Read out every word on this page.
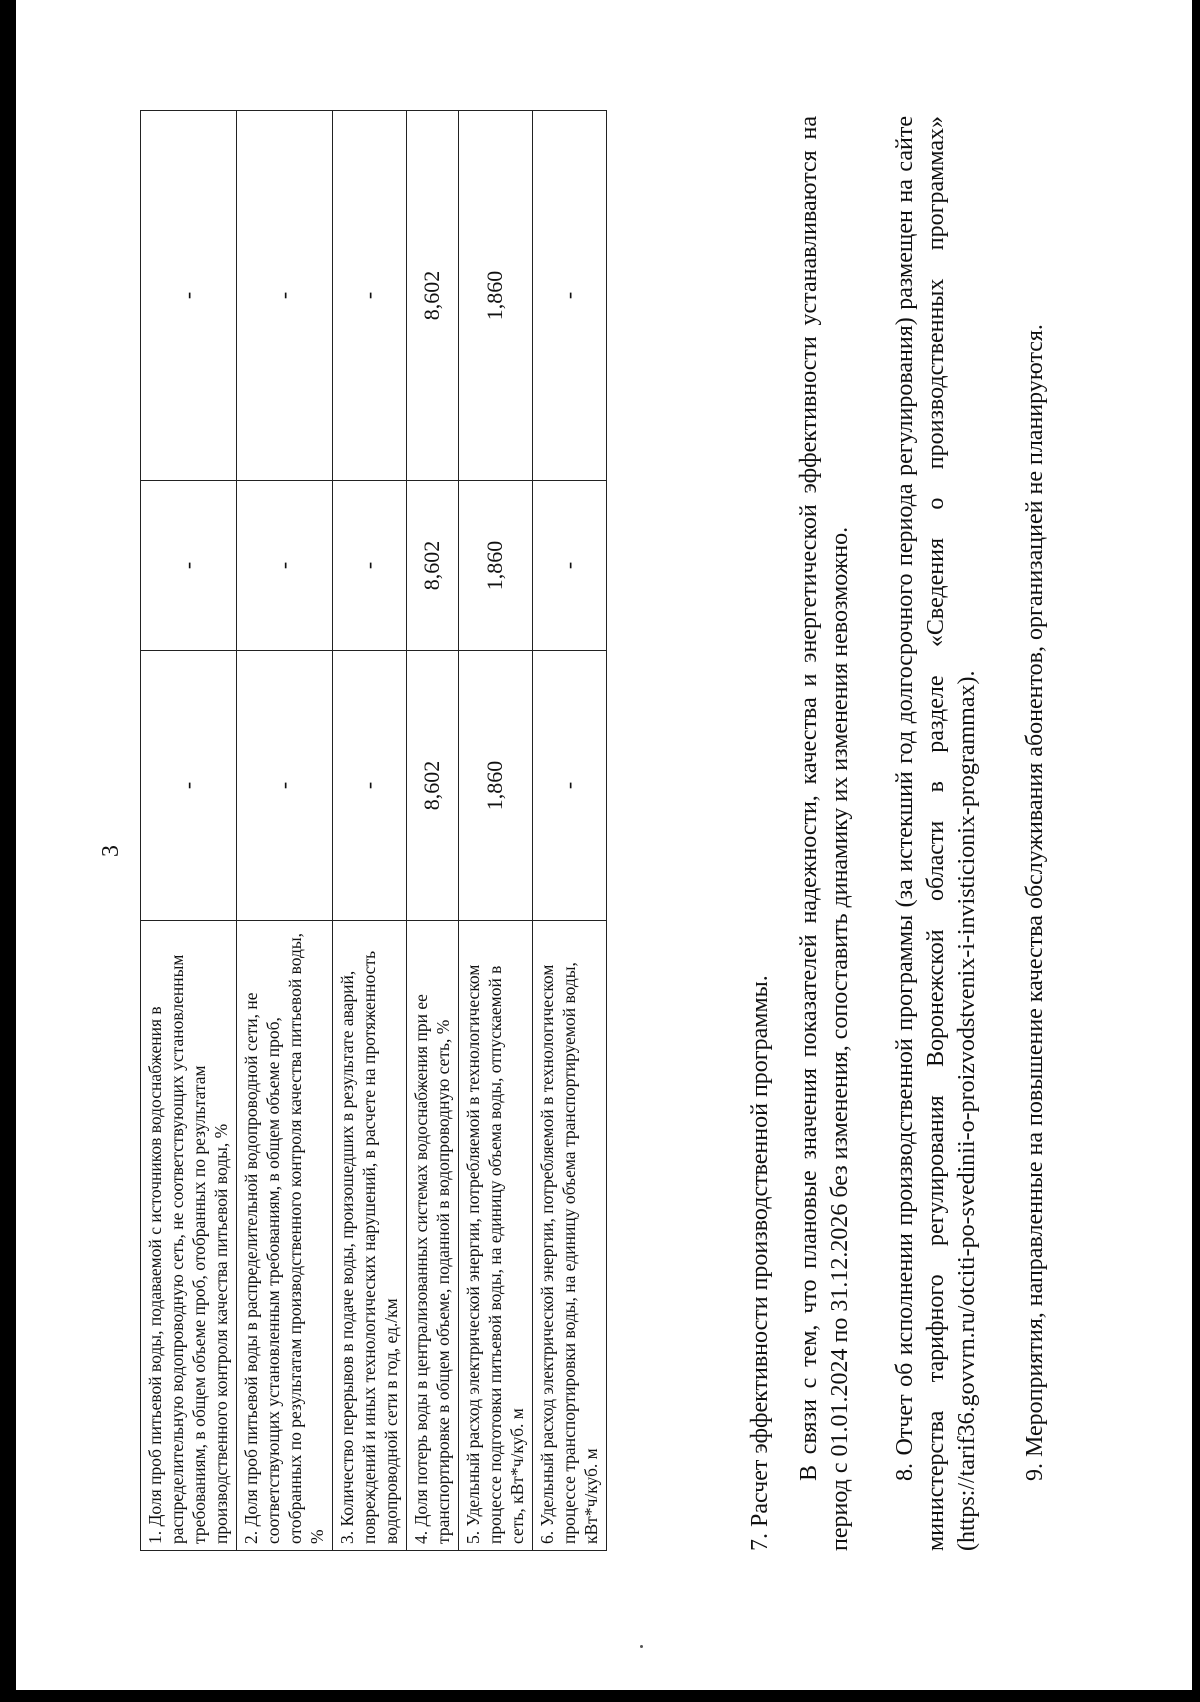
3
1. Доля проб питьевой воды, подаваемой с источников водоснабжения в распределительную водопроводную сеть, не соответствующих установленным требованиям, в общем объеме проб, отобранных по результатам производственного контроля качества питьевой воды, %	-	-	-
2. Доля проб питьевой воды в распределительной водопроводной сети, не соответствующих установленным требованиям, в общем объеме проб, отобранных по результатам производственного контроля качества питьевой воды, %	-	-	-
3. Количество перерывов в подаче воды, произошедших в результате аварий, повреждений и иных технологических нарушений, в расчете на протяженность водопроводной сети в год, ед./км	-	-	-
4. Доля потерь воды в централизованных системах водоснабжения при ее транспортировке в общем объеме, поданной в водопроводную сеть, %	8,602	8,602	8,602
5. Удельный расход электрической энергии, потребляемой в технологическом процессе подготовки питьевой воды, на единицу объема воды, отпускаемой в сеть, кВт*ч/куб. м	1,860	1,860	1,860
6. Удельный расход электрической энергии, потребляемой в технологическом процессе транспортировки воды, на единицу объема транспортируемой воды, кВт*ч/куб. м	-	-	-

7. Расчет эффективности производственной программы. В связи с тем, что плановые значения показателей надежности, качества и энергетической эффективности устанавливаются на период с 01.01.2024 по 31.12.2026 без изменения, сопоставить динамику их изменения невозможно. 8. Отчет об исполнении производственной программы (за истекший год долгосрочного периода регулирования) размещен на сайте министерства тарифного регулирования Воронежской области в разделе «Сведения о производственных программах» (https://tarif36.govvrn.ru/otciti-po-svedinii-o-proizvodstvenix-i-invisticionix-programmax). 9. Мероприятия, направленные на повышение качества обслуживания абонентов, организацией не планируются.
